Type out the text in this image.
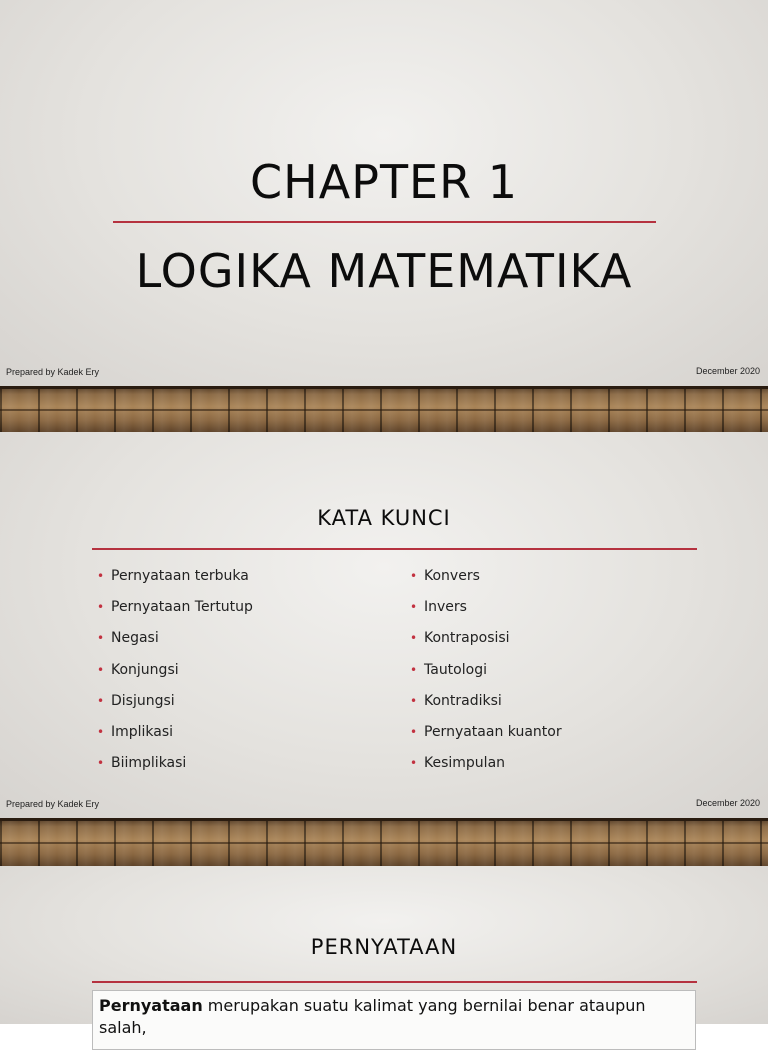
CHAPTER 1
LOGIKA MATEMATIKA
Prepared by Kadek Ery	December 2020
KATA KUNCI
• Pernyataan terbuka
• Pernyataan Tertutup
• Negasi
• Konjungsi
• Disjungsi
• Implikasi
• Biimplikasi
• Konvers
• Invers
• Kontraposisi
• Tautologi
• Kontradiksi
• Pernyataan kuantor
• Kesimpulan
Prepared by Kadek Ery	December 2020
PERNYATAAN
Pernyataan merupakan suatu kalimat yang bernilai benar ataupun salah,
